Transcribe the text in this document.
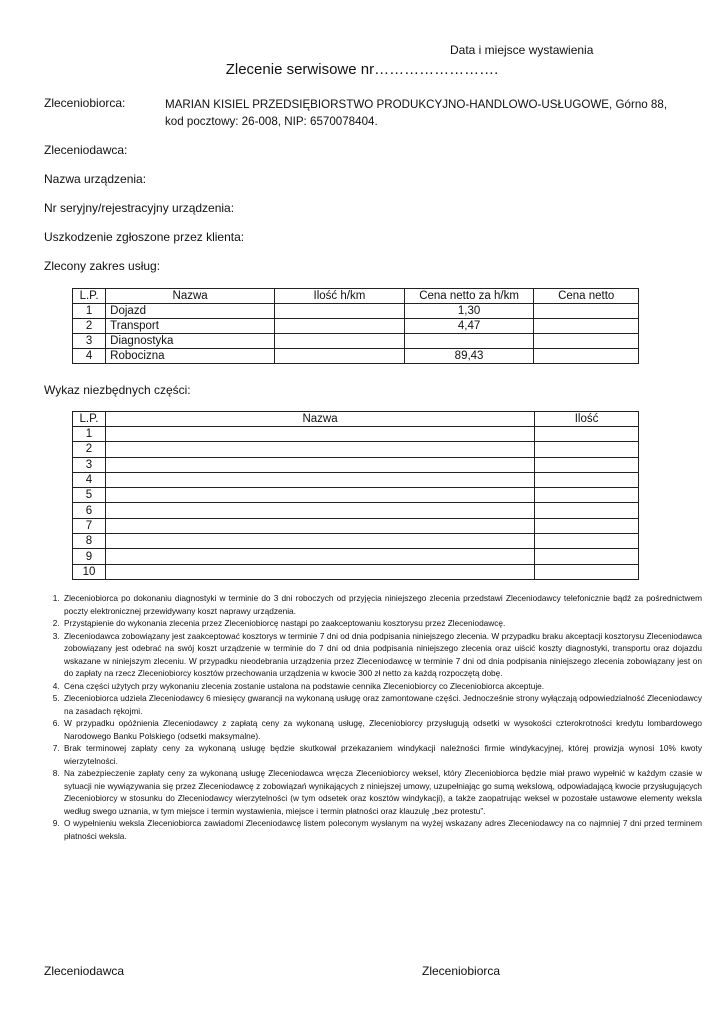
Data i miejsce wystawienia
Zlecenie serwisowe nr…………………….
Zleceniobiorca:	MARIAN KISIEL PRZEDSIĘBIORSTWO PRODUKCYJNO-HANDLOWO-USŁUGOWE, Górno 88, kod pocztowy: 26-008, NIP: 6570078404.
Zleceniodawca:
Nazwa urządzenia:
Nr seryjny/rejestracyjny urządzenia:
Uszkodzenie zgłoszone przez klienta:
Zlecony zakres usług:
L.P.	Nazwa	Ilość h/km	Cena netto za h/km	Cena netto
1	Dojazd		1,30	
2	Transport		4,47	
3	Diagnostyka			
4	Robocizna		89,43	
Wykaz niezbędnych części:
L.P.	Nazwa	Ilość
1		
2		
3		
4		
5		
6		
7		
8		
9		
10		
1. Zleceniobiorca po dokonaniu diagnostyki w terminie do 3 dni roboczych od przyjęcia niniejszego zlecenia przedstawi Zleceniodawcy telefonicznie bądź za pośrednictwem poczty elektronicznej przewidywany koszt naprawy urządzenia.
2. Przystąpienie do wykonania zlecenia przez Zleceniobiorcę nastąpi po zaakceptowaniu kosztorysu przez Zleceniodawcę.
3. Zleceniodawca zobowiązany jest zaakceptować kosztorys w terminie 7 dni od dnia podpisania niniejszego zlecenia. W przypadku braku akceptacji kosztorysu Zleceniodawca zobowiązany jest odebrać na swój koszt urządzenie w terminie do 7 dni od dnia podpisania niniejszego zlecenia oraz uiścić koszty diagnostyki, transportu oraz dojazdu wskazane w niniejszym zleceniu. W przypadku nieodebrania urządzenia przez Zleceniodawcę w terminie 7 dni od dnia podpisania niniejszego zlecenia zobowiązany jest on do zapłaty na rzecz Zleceniobiorcy kosztów przechowania urządzenia w kwocie 300 zł netto za każdą rozpoczętą dobę.
4. Cena części użytych przy wykonaniu zlecenia zostanie ustalona na podstawie cennika Zleceniobiorcy co Zleceniobiorca akceptuje.
5. Zleceniobiorca udziela Zleceniodawcy 6 miesięcy gwarancji na wykonaną usługę oraz zamontowane części. Jednocześnie strony wyłączają odpowiedzialność Zleceniodawcy na zasadach rękojmi.
6. W przypadku opóźnienia Zleceniodawcy z zapłatą ceny za wykonaną usługę, Zleceniobiorcy przysługują odsetki w wysokości czterokrotności kredytu lombardowego Narodowego Banku Polskiego (odsetki maksymalne).
7. Brak terminowej zapłaty ceny za wykonaną usługę będzie skutkował przekazaniem windykacji należności firmie windykacyjnej, której prowizja wynosi 10% kwoty wierzytelności.
8. Na zabezpieczenie zapłaty ceny za wykonaną usługę Zleceniodawca wręcza Zleceniobiorcy weksel, który Zleceniobiorca będzie miał prawo wypełnić w każdym czasie w sytuacji nie wywiązywania się przez Zleceniodawcę z zobowiązań wynikających z niniejszej umowy, uzupełniając go sumą wekslową, odpowiadającą kwocie przysługujących Zleceniobiorcy w stosunku do Zleceniodawcy wierzytelności (w tym odsetek oraz kosztów windykacji), a także zaopatrując weksel w pozostałe ustawowe elementy weksla według swego uznania, w tym miejsce i termin wystawienia, miejsce i termin płatności oraz klauzulę „bez protestu”.
9. O wypełnieniu weksla Zleceniobiorca zawiadomi Zleceniodawcę listem poleconym wysłanym na wyżej wskazany adres Zleceniodawcy na co najmniej 7 dni przed terminem płatności weksla.
Zleceniodawca	Zleceniobiorca
